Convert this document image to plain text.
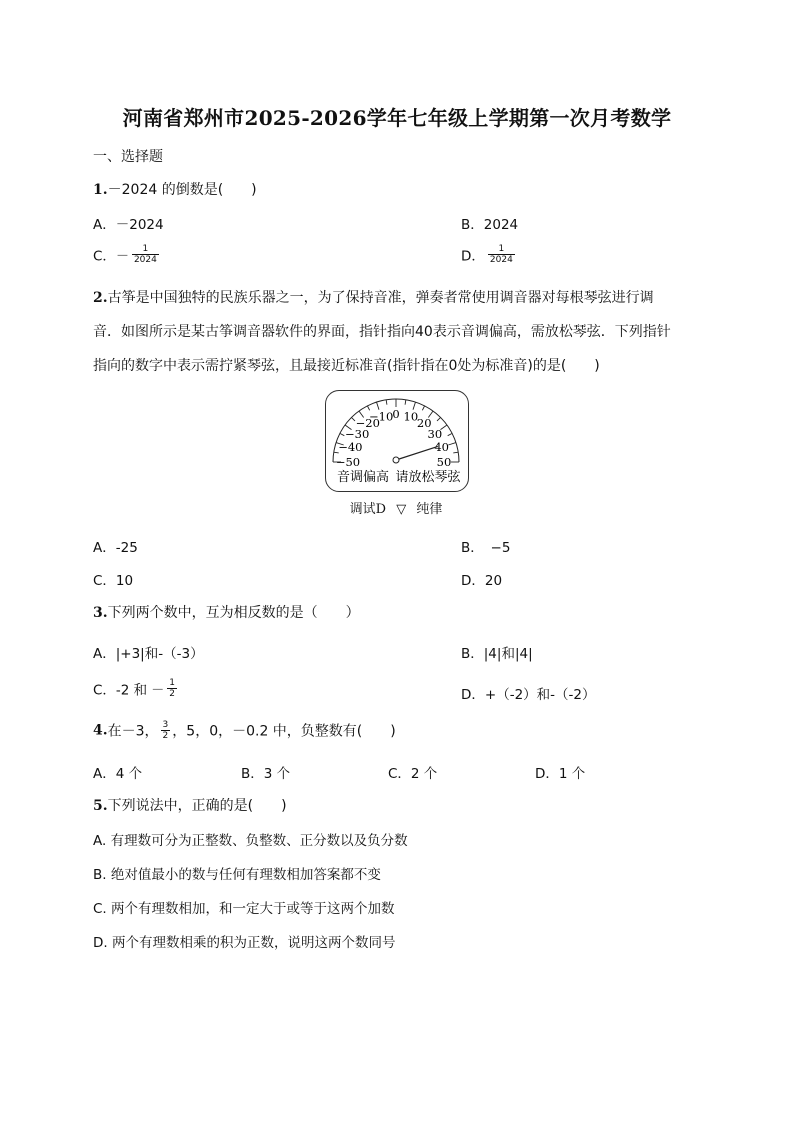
河南省郑州市2025-2026学年七年级上学期第一次月考数学
一、选择题
1.－2024 的倒数是(　　)
A．－2024	B．2024
C．－ $\frac{1}{2024}$	D． $\frac{1}{2024}$
2.古筝是中国独特的民族乐器之一，为了保持音准，弹奏者常使用调音器对每根琴弦进行调
音．如图所示是某古筝调音器软件的界面，指针指向40表示音调偏高，需放松琴弦．下列指针
指向的数字中表示需拧紧琴弦，且最接近标准音(指针指在0处为标准音)的是(　　)
−50
−40
−30
−20
−10 0 10
20
30
40
50
音调偏高 请放松琴弦
调试D ▽ 纯律
A．-25	B．　−5
C．10	D．20
3.下列两个数中，互为相反数的是（　　）
A．|+3|和-（-3）	B．|4|和|4|
C．-2 和 － $\frac{1}{2}$	D．+（-2）和-（-2）
4.在－3， $\frac{3}{2}$ ，5，0，－0.2 中，负整数有(　　)
A．4 个	B．3 个	C．2 个	D．1 个
5.下列说法中，正确的是(　　)
A. 有理数可分为正整数、负整数、正分数以及负分数
B. 绝对值最小的数与任何有理数相加答案都不变
C. 两个有理数相加，和一定大于或等于这两个加数
D. 两个有理数相乘的积为正数，说明这两个数同号
